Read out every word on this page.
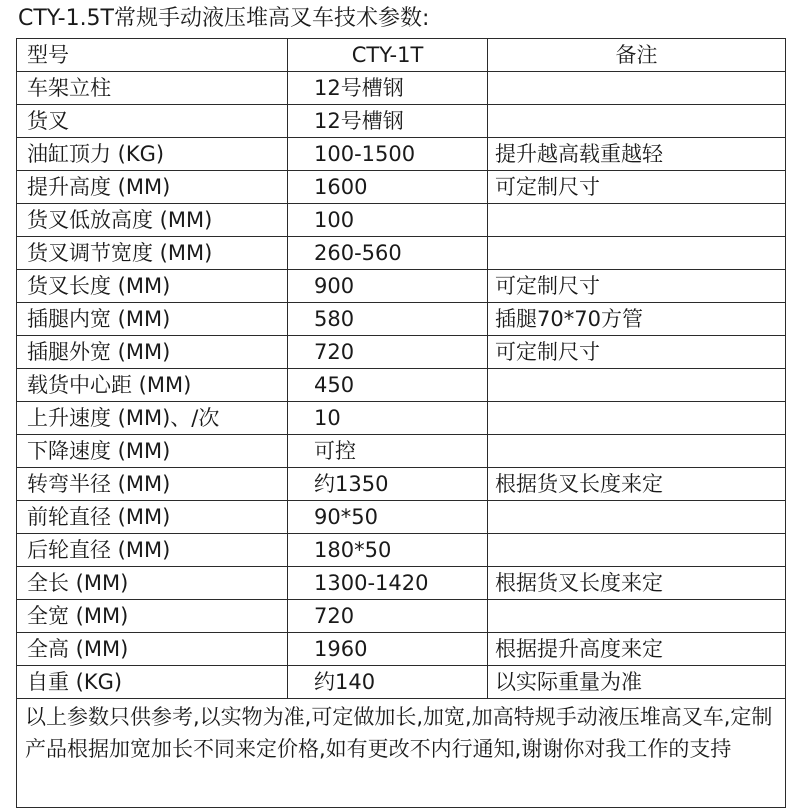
CTY-1.5T常规手动液压堆高叉车技术参数:
型号	CTY-1T	备注
车架立柱	12号槽钢	
货叉	12号槽钢	
油缸顶力 (KG)	100-1500	提升越高载重越轻
提升高度 (MM)	1600	可定制尺寸
货叉低放高度 (MM)	100	
货叉调节宽度 (MM)	260-560	
货叉长度 (MM)	900	可定制尺寸
插腿内宽 (MM)	580	插腿70*70方管
插腿外宽 (MM)	720	可定制尺寸
载货中心距 (MM)	450	
上升速度 (MM)、/次	10	
下降速度 (MM)	可控	
转弯半径 (MM)	约1350	根据货叉长度来定
前轮直径 (MM)	90*50	
后轮直径 (MM)	180*50	
全长 (MM)	1300-1420	根据货叉长度来定
全宽 (MM)	720	
全高 (MM)	1960	根据提升高度来定
自重 (KG)	约140	以实际重量为准
以上参数只供参考,以实物为准,可定做加长,加宽,加高特规手动液压堆高叉车,定制产品根据加宽加长不同来定价格,如有更改不内行通知,谢谢你对我工作的支持		
